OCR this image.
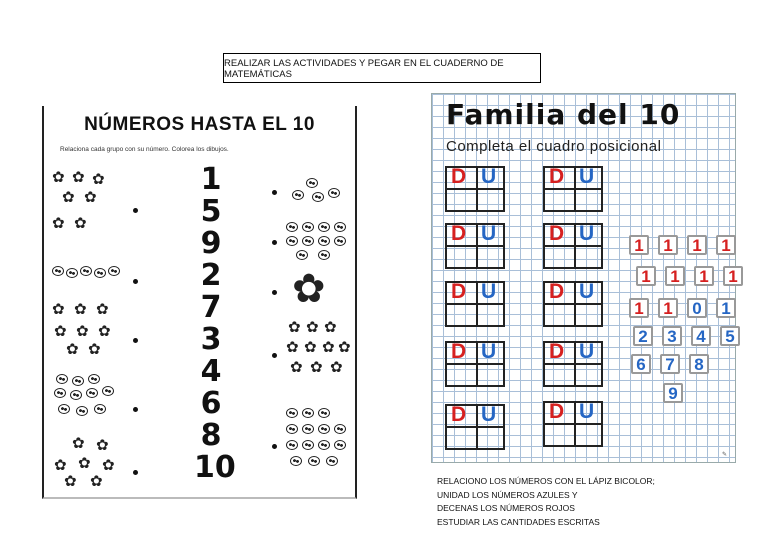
REALIZAR LAS ACTIVIDADES Y PEGAR EN EL CUADERNO DE MATEMÁTICAS
NÚMEROS HASTA EL 10
Relaciona cada grupo con su número. Colorea los dibujos.
1
5
9
2
7
3
4
6
8
10
✿ ✿ ✿
✿ ✿
✿ ✿
✿ ✿ ✿
✿ ✿ ✿
✿ ✿
✿ ✿
✿ ✿ ✿
✿ ✿
✿
✿ ✿ ✿
✿ ✿ ✿ ✿
✿ ✿ ✿
Familia del 10
Completa el cuadro posicional
D U	D U
D U	D U
D U	D U
D U	D U
D U	D U
1	1	1	1
1	1	1	1
1	1	0	1
2	3	4	5
6	7	8
9
✎
RELACIONO LOS NÚMEROS CON EL LÁPIZ BICOLOR;
UNIDAD LOS NÚMEROS AZULES Y
DECENAS LOS NÚMEROS ROJOS
ESTUDIAR LAS CANTIDADES ESCRITAS
